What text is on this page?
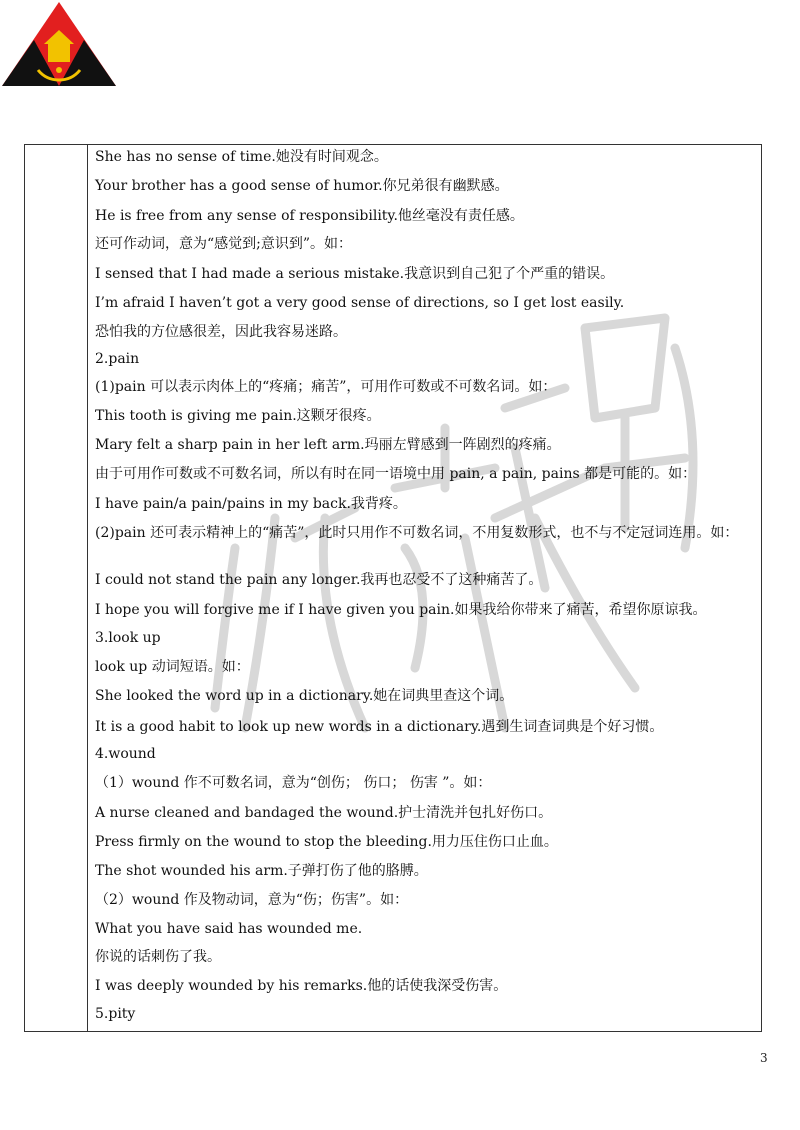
She has no sense of time.她没有时间观念。
Your brother has a good sense of humor.你兄弟很有幽默感。
He is free from any sense of responsibility.他丝毫没有责任感。
还可作动词，意为“感觉到;意识到”。如：
I sensed that I had made a serious mistake.我意识到自己犯了个严重的错误。
I’m afraid I haven’t got a very good sense of directions, so I get lost easily.
恐怕我的方位感很差，因此我容易迷路。
2.pain
(1)pain 可以表示肉体上的“疼痛；痛苦”，可用作可数或不可数名词。如：
This tooth is giving me pain.这颗牙很疼。
Mary felt a sharp pain in her left arm.玛丽左臂感到一阵剧烈的疼痛。
由于可用作可数或不可数名词，所以有时在同一语境中用 pain, a pain, pains 都是可能的。如：
I have pain/a pain/pains in my back.我背疼。
(2)pain 还可表示精神上的“痛苦”，此时只用作不可数名词，不用复数形式，也不与不定冠词连用。如：
I could not stand the pain any longer.我再也忍受不了这种痛苦了。
I hope you will forgive me if I have given you pain.如果我给你带来了痛苦，希望你原谅我。
3.look up
look up 动词短语。如：
She looked the word up in a dictionary.她在词典里查这个词。
It is a good habit to look up new words in a dictionary.遇到生词查词典是个好习惯。
4.wound
（1）wound 作不可数名词，意为“创伤； 伤口； 伤害 ”。如：
A nurse cleaned and bandaged the wound.护士清洗并包扎好伤口。
Press firmly on the wound to stop the bleeding.用力压住伤口止血。
The shot wounded his arm.子弹打伤了他的胳膊。
（2）wound 作及物动词，意为“伤；伤害”。如：
What you have said has wounded me.
你说的话刺伤了我。
I was deeply wounded by his remarks.他的话使我深受伤害。
5.pity
3
